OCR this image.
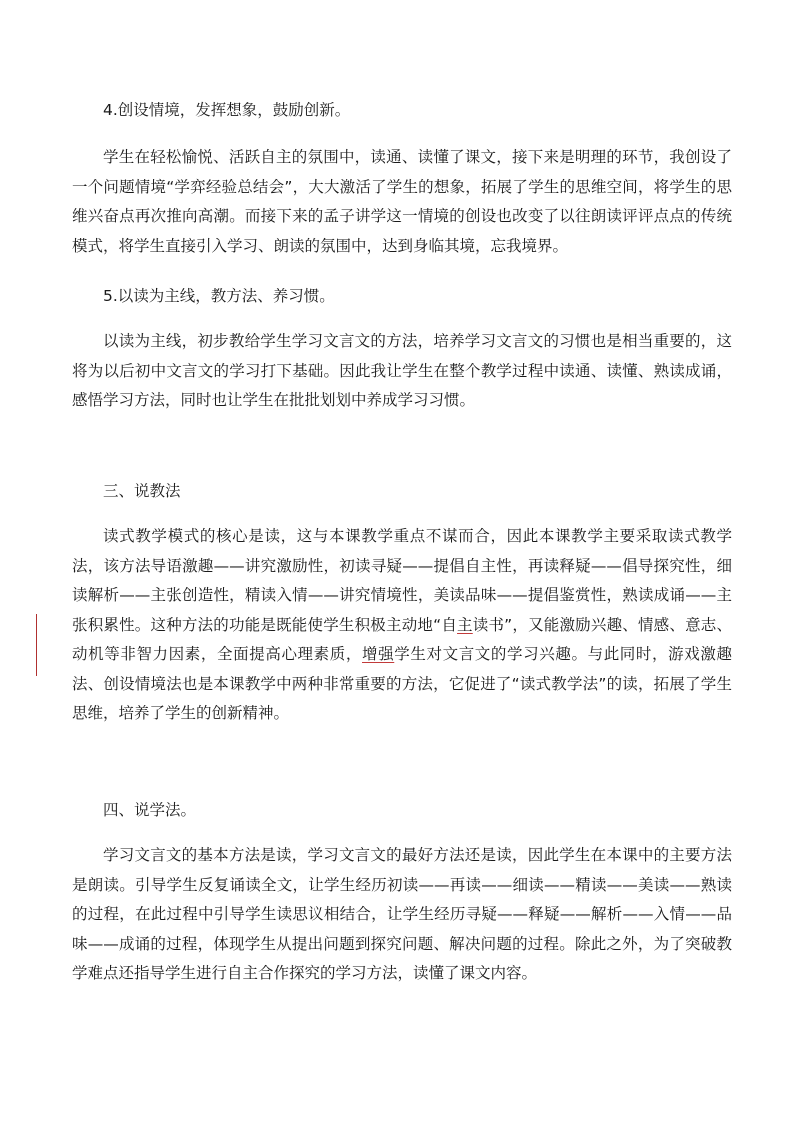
4.创设情境，发挥想象，鼓励创新。

学生在轻松愉悦、活跃自主的氛围中，读通、读懂了课文，接下来是明理的环节，我创设了一个问题情境“学弈经验总结会”，大大激活了学生的想象，拓展了学生的思维空间，将学生的思维兴奋点再次推向高潮。而接下来的孟子讲学这一情境的创设也改变了以往朗读评评点点的传统模式，将学生直接引入学习、朗读的氛围中，达到身临其境，忘我境界。

5.以读为主线，教方法、养习惯。

以读为主线，初步教给学生学习文言文的方法，培养学习文言文的习惯也是相当重要的，这将为以后初中文言文的学习打下基础。因此我让学生在整个教学过程中读通、读懂、熟读成诵，感悟学习方法，同时也让学生在批批划划中养成学习习惯。

三、说教法

读式教学模式的核心是读，这与本课教学重点不谋而合，因此本课教学主要采取读式教学法，该方法导语激趣——讲究激励性，初读寻疑——提倡自主性，再读释疑——倡导探究性，细读解析——主张创造性，精读入情——讲究情境性，美读品味——提倡鉴赏性，熟读成诵——主张积累性。这种方法的功能是既能使学生积极主动地“自主读书”，又能激励兴趣、情感、意志、动机等非智力因素，全面提高心理素质，增强学生对文言文的学习兴趣。与此同时，游戏激趣法、创设情境法也是本课教学中两种非常重要的方法，它促进了“读式教学法”的读，拓展了学生思维，培养了学生的创新精神。

四、说学法。

学习文言文的基本方法是读，学习文言文的最好方法还是读，因此学生在本课中的主要方法是朗读。引导学生反复诵读全文，让学生经历初读——再读——细读——精读——美读——熟读的过程，在此过程中引导学生读思议相结合，让学生经历寻疑——释疑——解析——入情——品味——成诵的过程，体现学生从提出问题到探究问题、解决问题的过程。除此之外，为了突破教学难点还指导学生进行自主合作探究的学习方法，读懂了课文内容。
